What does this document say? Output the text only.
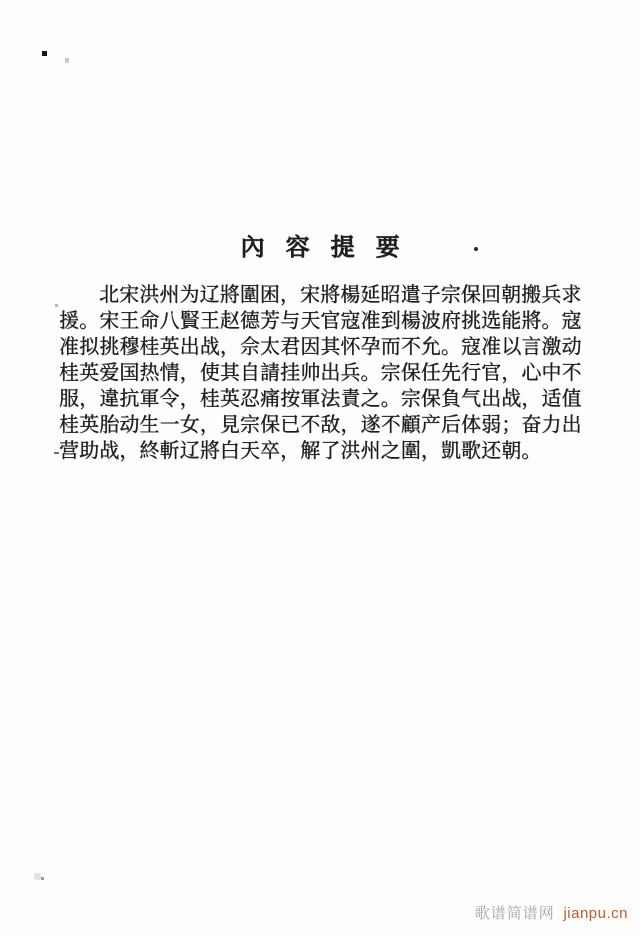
內容提要
北宋洪州为辽將圍困，宋將楊延昭遣子宗保回朝搬兵求
援。宋王命八賢王赵德芳与天官寇准到楊波府挑选能將。寇
准拟挑穆桂英出战，佘太君因其怀孕而不允。寇准以言激动
桂英爱国热情，使其自請挂帅出兵。宗保任先行官，心中不
服，違抗軍令，桂英忍痛按軍法責之。宗保負气出战，适值
桂英胎动生一女，見宗保已不敌，遂不顧产后体弱；奋力出
营助战，終斬辽將白天卒，解了洪州之圍，凱歌还朝。
歌谱简谱网 jianpu.cn
